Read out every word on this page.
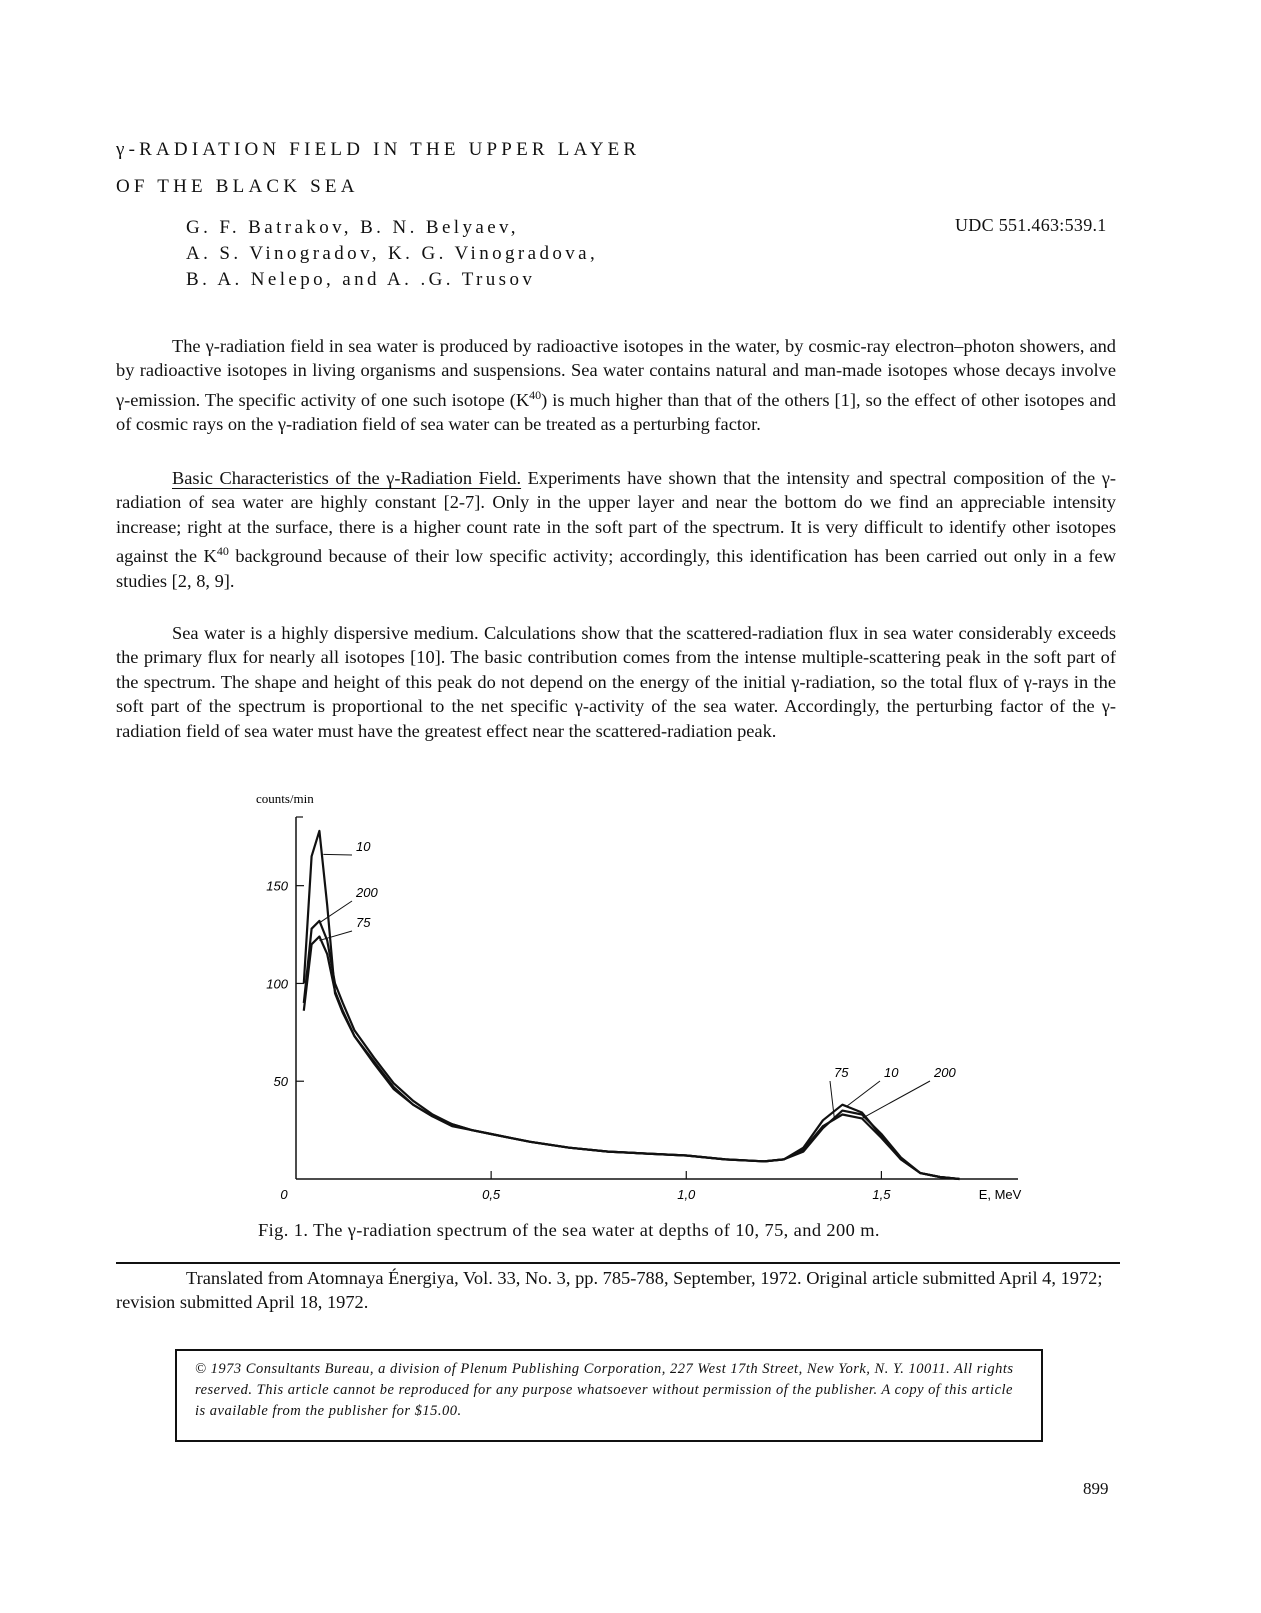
γ-RADIATION FIELD IN THE UPPER LAYER
OF THE BLACK SEA
G. F. Batrakov, B. N. Belyaev,
A. S. Vinogradov, K. G. Vinogradova,
B. A. Nelepo, and A. .G. Trusov
UDC 551.463:539.1

The γ-radiation field in sea water is produced by radioactive isotopes in the water, by cosmic-ray electron–photon showers, and by radioactive isotopes in living organisms and suspensions. Sea water contains natural and man-made isotopes whose decays involve γ-emission. The specific activity of one such isotope $(K^{40})$ is much higher than that of the others [1], so the effect of other isotopes and of cosmic rays on the γ-radiation field of sea water can be treated as a perturbing factor.

Basic Characteristics of the γ-Radiation Field. Experiments have shown that the intensity and spectral composition of the γ-radiation of sea water are highly constant [2-7]. Only in the upper layer and near the bottom do we find an appreciable intensity increase; right at the surface, there is a higher count rate in the soft part of the spectrum. It is very difficult to identify other isotopes against the $K^{40}$ background because of their low specific activity; accordingly, this identification has been carried out only in a few studies [2, 8, 9].

Sea water is a highly dispersive medium. Calculations show that the scattered-radiation flux in sea water considerably exceeds the primary flux for nearly all isotopes [10]. The basic contribution comes from the intense multiple-scattering peak in the soft part of the spectrum. The shape and height of this peak do not depend on the energy of the initial γ-radiation, so the total flux of γ-rays in the soft part of the spectrum is proportional to the net specific γ-activity of the sea water. Accordingly, the perturbing factor of the γ-radiation field of sea water must have the greatest effect near the scattered-radiation peak.

counts/min
50
100
150
0	0,5	1,0	1,5	E, MeV
10
200
75
75	10	200
Fig. 1. The γ-radiation spectrum of the sea water at depths of 10, 75, and 200 m.

Translated from Atomnaya Énergiya, Vol. 33, No. 3, pp. 785-788, September, 1972. Original article submitted April 4, 1972; revision submitted April 18, 1972.

© 1973 Consultants Bureau, a division of Plenum Publishing Corporation, 227 West 17th Street, New York, N. Y. 10011. All rights reserved. This article cannot be reproduced for any purpose whatsoever without permission of the publisher. A copy of this article is available from the publisher for $15.00.
899
